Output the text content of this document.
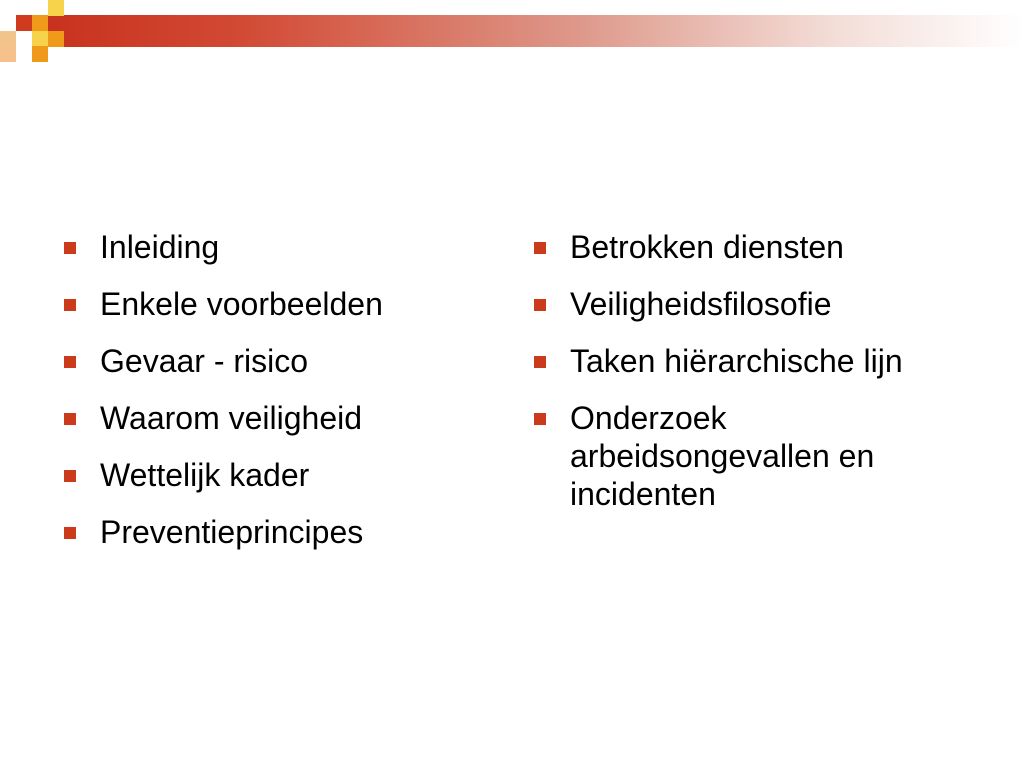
Inleiding
Enkele voorbeelden
Gevaar - risico
Waarom veiligheid
Wettelijk kader
Preventieprincipes
Betrokken diensten
Veiligheidsfilosofie
Taken hiërarchische lijn
Onderzoek arbeidsongevallen en incidenten
